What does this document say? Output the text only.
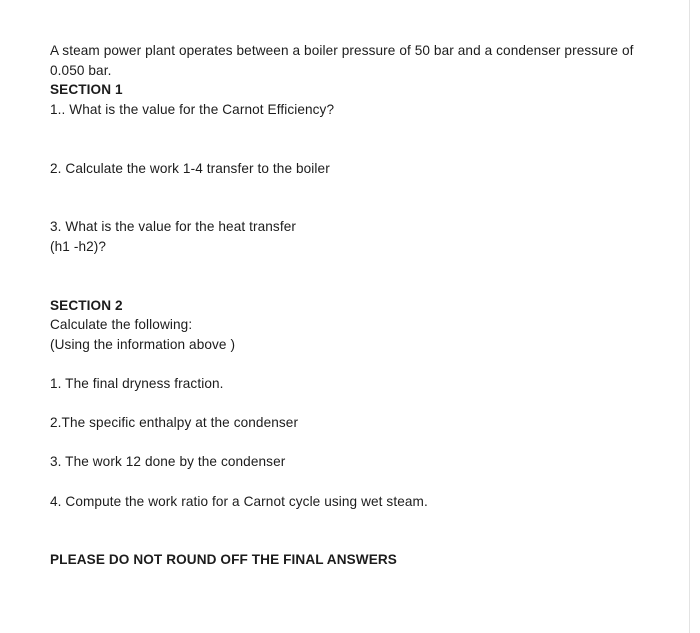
A steam power plant operates between a boiler pressure of 50 bar and a condenser pressure of
0.050 bar.
SECTION 1
1.. What is the value for the Carnot Efficiency?
2. Calculate the work 1-4 transfer to the boiler
3. What is the value for the heat transfer
(h1 -h2)?
SECTION 2
Calculate the following:
(Using the information above )
1. The final dryness fraction.
2.The specific enthalpy at the condenser
3. The work 12 done by the condenser
4. Compute the work ratio for a Carnot cycle using wet steam.
PLEASE DO NOT ROUND OFF THE FINAL ANSWERS
